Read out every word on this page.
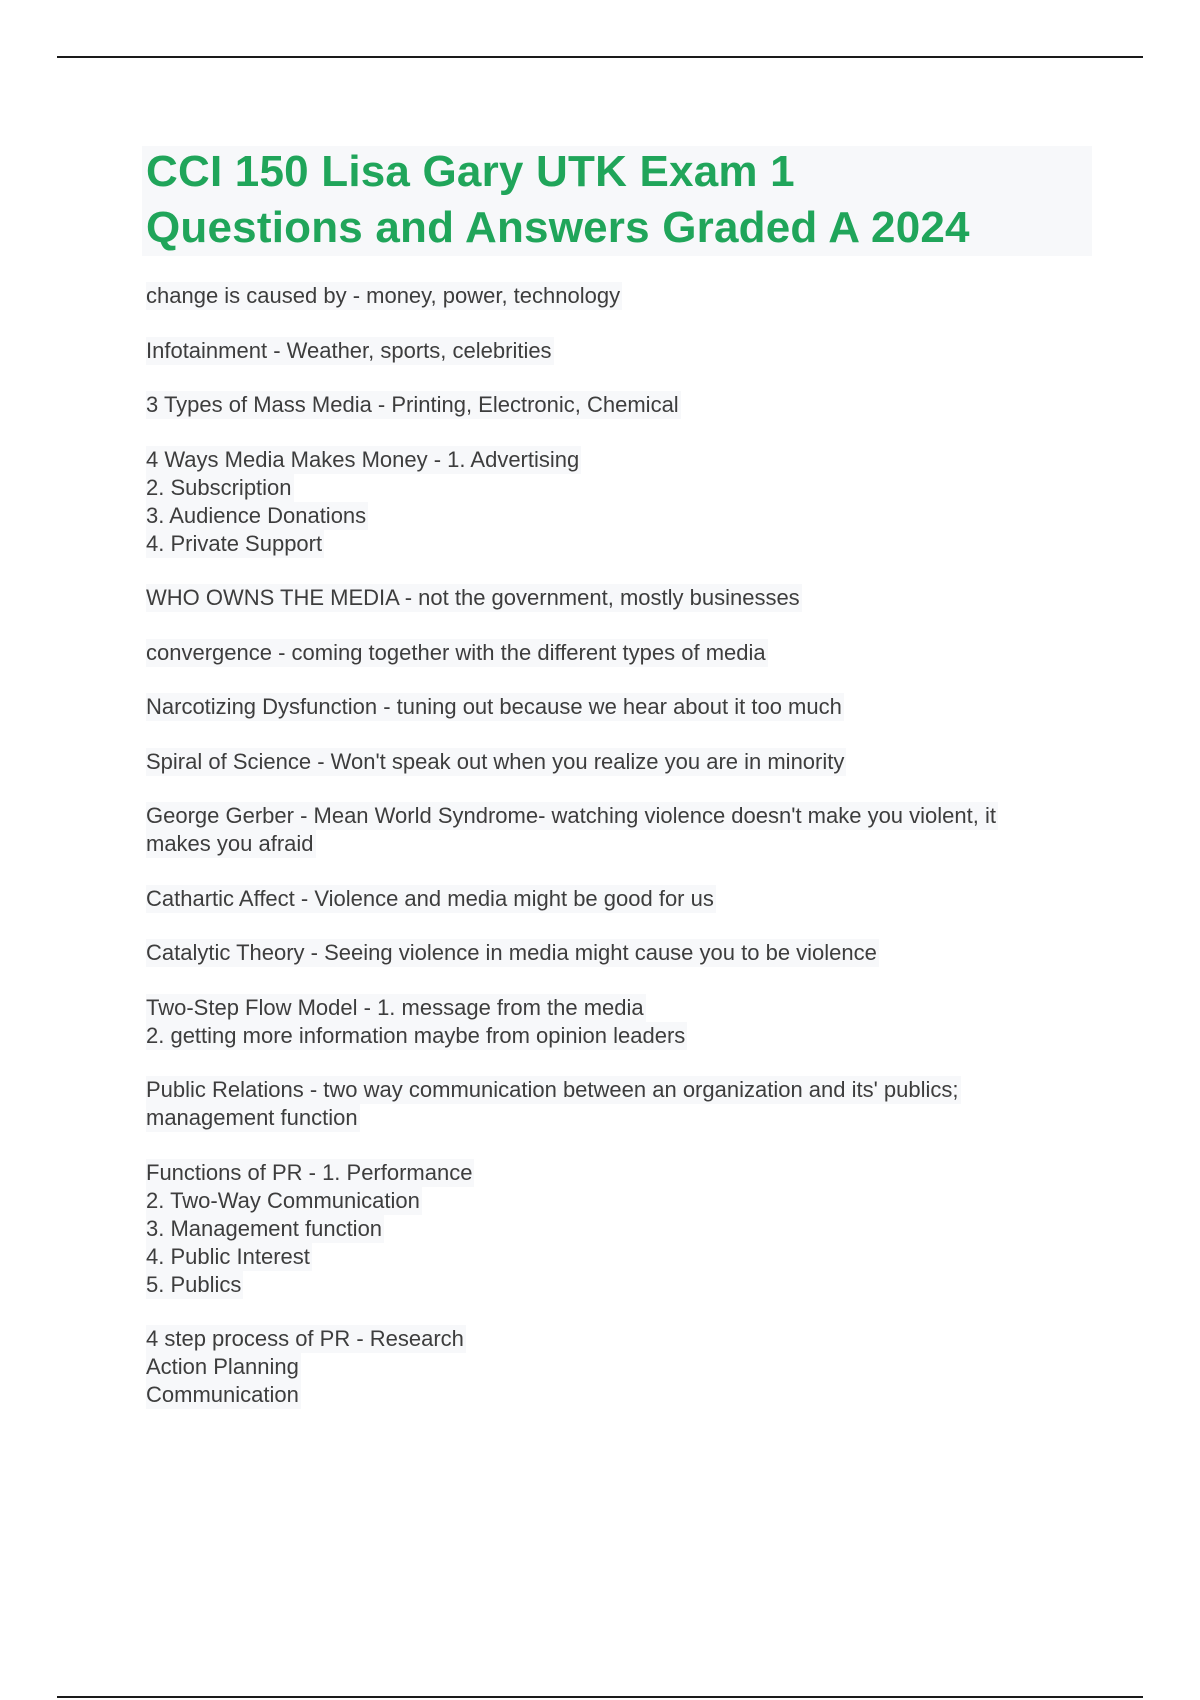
CCI 150 Lisa Gary UTK Exam 1
Questions and Answers Graded A 2024
change is caused by - money, power, technology
Infotainment - Weather, sports, celebrities
3 Types of Mass Media - Printing, Electronic, Chemical
4 Ways Media Makes Money - 1. Advertising
2. Subscription
3. Audience Donations
4. Private Support
WHO OWNS THE MEDIA - not the government, mostly businesses
convergence - coming together with the different types of media
Narcotizing Dysfunction - tuning out because we hear about it too much
Spiral of Science - Won't speak out when you realize you are in minority
George Gerber - Mean World Syndrome- watching violence doesn't make you violent, it
makes you afraid
Cathartic Affect - Violence and media might be good for us
Catalytic Theory - Seeing violence in media might cause you to be violence
Two-Step Flow Model - 1. message from the media
2. getting more information maybe from opinion leaders
Public Relations - two way communication between an organization and its' publics;
management function
Functions of PR - 1. Performance
2. Two-Way Communication
3. Management function
4. Public Interest
5. Publics
4 step process of PR - Research
Action Planning
Communication
